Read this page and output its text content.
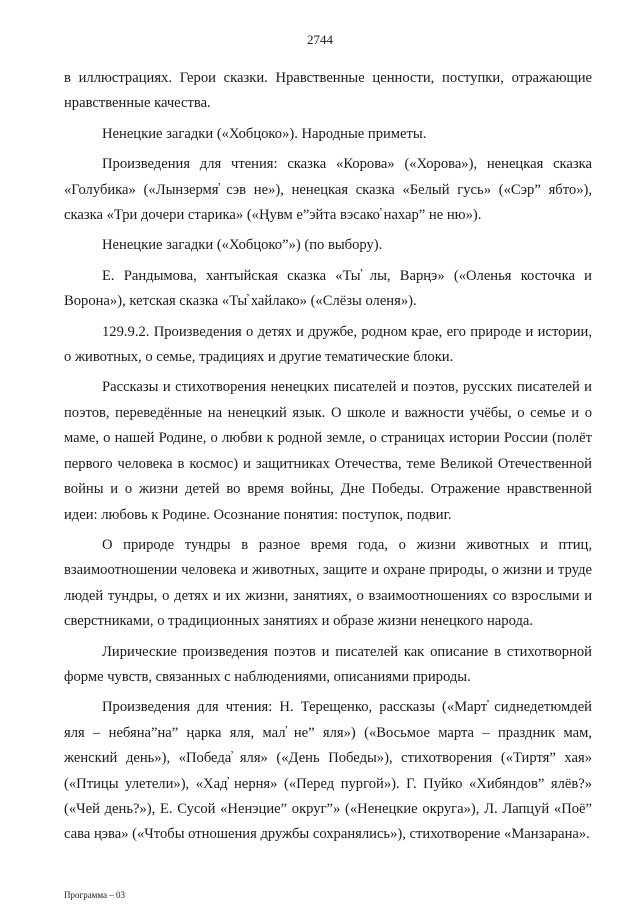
2744

в иллюстрациях. Герои сказки. Нравственные ценности, поступки, отражающие нравственные качества.

Ненецкие загадки («Хобцоко»). Народные приметы.

Произведения для чтения: сказка «Корова» («Хорова»), ненецкая сказка «Голубика» («Лынзермя̕ сэв не»), ненецкая сказка «Белый гусь» («Сэр” ябто»), сказка «Три дочери старика» («Ңувм е”эйта вэсако̕ нахар” не ню»).

Ненецкие загадки («Хобцоко”») (по выбору).

Е. Рандымова, хантыйская сказка «Ты̕ лы, Варңэ» («Оленья косточка и Ворона»), кетская сказка «Ты̕ хайлако» («Слёзы оленя»).

129.9.2. Произведения о детях и дружбе, родном крае, его природе и истории, о животных, о семье, традициях и другие тематические блоки.

Рассказы и стихотворения ненецких писателей и поэтов, русских писателей и поэтов, переведённые на ненецкий язык. О школе и важности учёбы, о семье и о маме, о нашей Родине, о любви к родной земле, о страницах истории России (полёт первого человека в космос) и защитниках Отечества, теме Великой Отечественной войны и о жизни детей во время войны, Дне Победы. Отражение нравственной идеи: любовь к Родине. Осознание понятия: поступок, подвиг.

О природе тундры в разное время года, о жизни животных и птиц, взаимоотношении человека и животных, защите и охране природы, о жизни и труде людей тундры, о детях и их жизни, занятиях, о взаимоотношениях со взрослыми и сверстниками, о традиционных занятиях и образе жизни ненецкого народа.

Лирические произведения поэтов и писателей как описание в стихотворной форме чувств, связанных с наблюдениями, описаниями природы.

Произведения для чтения: Н. Терещенко, рассказы («Март̕ сиднедетюмдей яля – небяна”на” ңарка яля, мал̕ не” яля») («Восьмое марта – праздник мам, женский день»), «Победа̕ яля» («День Победы»), стихотворения («Тиртя” хая» («Птицы улетели»), «Хад̕ нерня» («Перед пургой»). Г. Пуйко «Хибяндов” ялёв?» («Чей день?»), Е. Сусой «Ненэцие” округ”» («Ненецкие округа»), Л. Лапцуй «Поё” сава ңэва» («Чтобы отношения дружбы сохранялись»), стихотворение «Манзарана».

Программа – 03
